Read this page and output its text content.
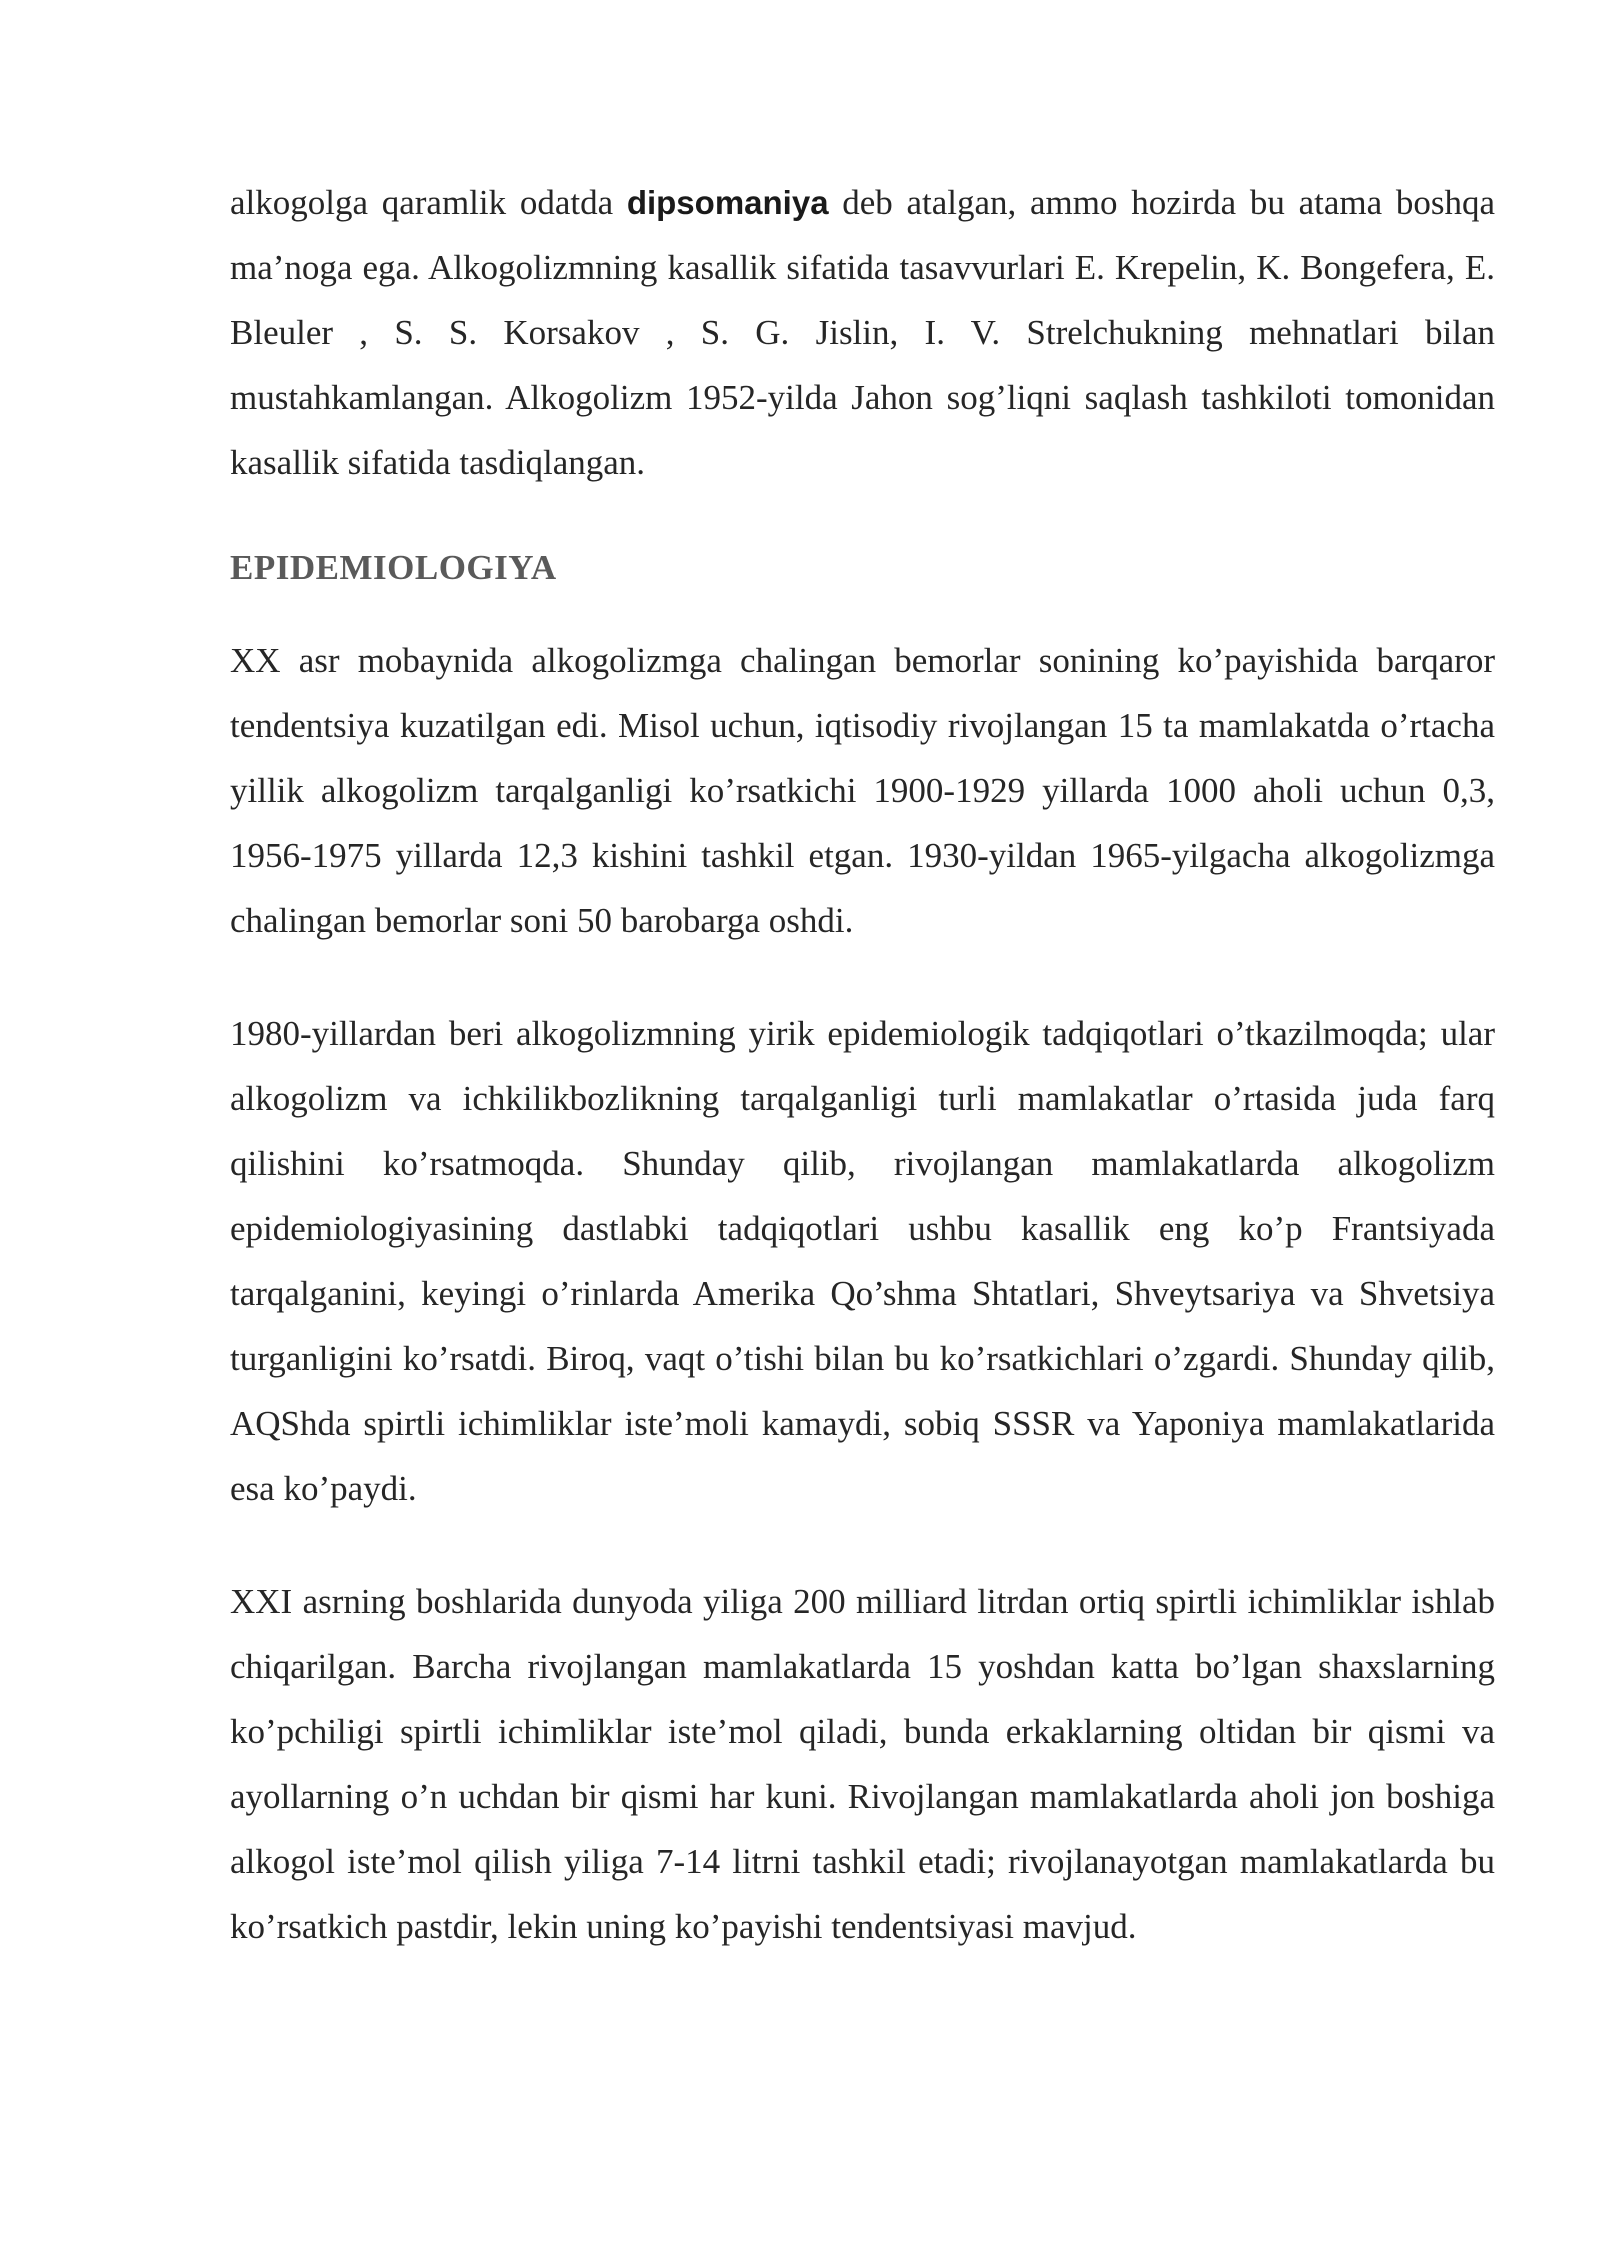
alkogolga qaramlik odatda dipsomaniya deb atalgan, ammo hozirda bu atama boshqa ma’noga ega. Alkogolizmning kasallik sifatida tasavvurlari E. Krepelin, K. Bongefera, E. Bleuler , S. S. Korsakov , S. G. Jislin, I. V. Strelchukning mehnatlari bilan mustahkamlangan. Alkogolizm 1952-yilda Jahon sog’liqni saqlash tashkiloti tomonidan kasallik sifatida tasdiqlangan.

EPIDEMIOLOGIYA

XX asr mobaynida alkogolizmga chalingan bemorlar sonining ko’payishida barqaror tendentsiya kuzatilgan edi. Misol uchun, iqtisodiy rivojlangan 15 ta mamlakatda o’rtacha yillik alkogolizm tarqalganligi ko’rsatkichi 1900-1929 yillarda 1000 aholi uchun 0,3, 1956-1975 yillarda 12,3 kishini tashkil etgan. 1930-yildan 1965-yilgacha alkogolizmga chalingan bemorlar soni 50 barobarga oshdi.

1980-yillardan beri alkogolizmning yirik epidemiologik tadqiqotlari o’tkazilmoqda; ular alkogolizm va ichkilikbozlikning tarqalganligi turli mamlakatlar o’rtasida juda farq qilishini ko’rsatmoqda. Shunday qilib, rivojlangan mamlakatlarda alkogolizm epidemiologiyasining dastlabki tadqiqotlari ushbu kasallik eng ko’p Frantsiyada tarqalganini, keyingi o’rinlarda Amerika Qo’shma Shtatlari, Shveytsariya va Shvetsiya turganligini ko’rsatdi. Biroq, vaqt o’tishi bilan bu ko’rsatkichlari o’zgardi. Shunday qilib, AQShda spirtli ichimliklar iste’moli kamaydi, sobiq SSSR va Yaponiya mamlakatlarida esa ko’paydi.

XXI asrning boshlarida dunyoda yiliga 200 milliard litrdan ortiq spirtli ichimliklar ishlab chiqarilgan. Barcha rivojlangan mamlakatlarda 15 yoshdan katta bo’lgan shaxslarning ko’pchiligi spirtli ichimliklar iste’mol qiladi, bunda erkaklarning oltidan bir qismi va ayollarning o’n uchdan bir qismi har kuni. Rivojlangan mamlakatlarda aholi jon boshiga alkogol iste’mol qilish yiliga 7-14 litrni tashkil etadi; rivojlanayotgan mamlakatlarda bu ko’rsatkich pastdir, lekin uning ko’payishi tendentsiyasi mavjud.
